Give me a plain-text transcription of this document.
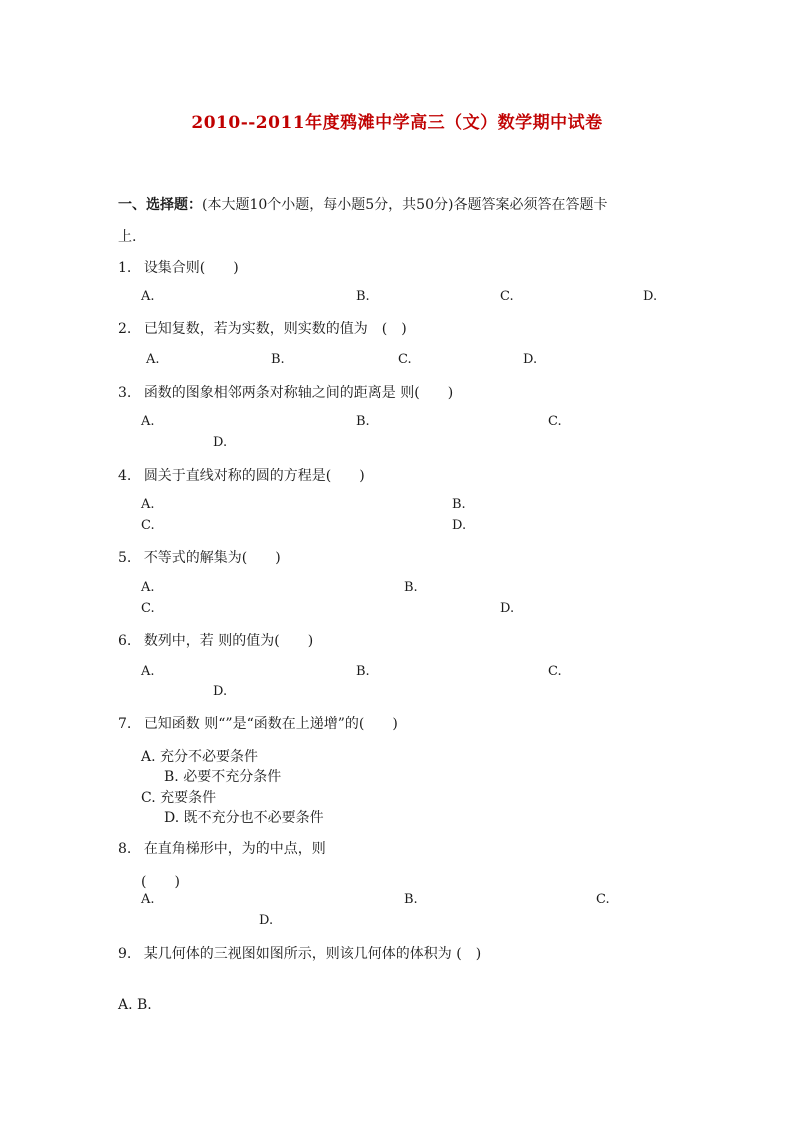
2010--2011年度鸦滩中学高三（文）数学期中试卷
一、选择题：(本大题10个小题，每小题5分，共50分)各题答案必须答在答题卡
上.
1. 设集合则(　　)
A.	B.	C.	D.
2. 已知复数，若为实数，则实数的值为　(　)
A.	B.	C.	D.
3. 函数的图象相邻两条对称轴之间的距离是 则(　　)
A.	B.	C.
D.
4. 圆关于直线对称的圆的方程是(　　)
A.	B.
C.	D.
5. 不等式的解集为(　　)
A.	B.
C.	D.
6. 数列中，若 则的值为(　　)
A.	B.	C.
D.
7. 已知函数 则“”是“函数在上递增”的(　　)
A. 充分不必要条件
B. 必要不充分条件
C. 充要条件
D. 既不充分也不必要条件
8. 在直角梯形中，为的中点，则
(　　)
A.	B.	C.
D.
9. 某几何体的三视图如图所示，则该几何体的体积为 (　)
A. B.
